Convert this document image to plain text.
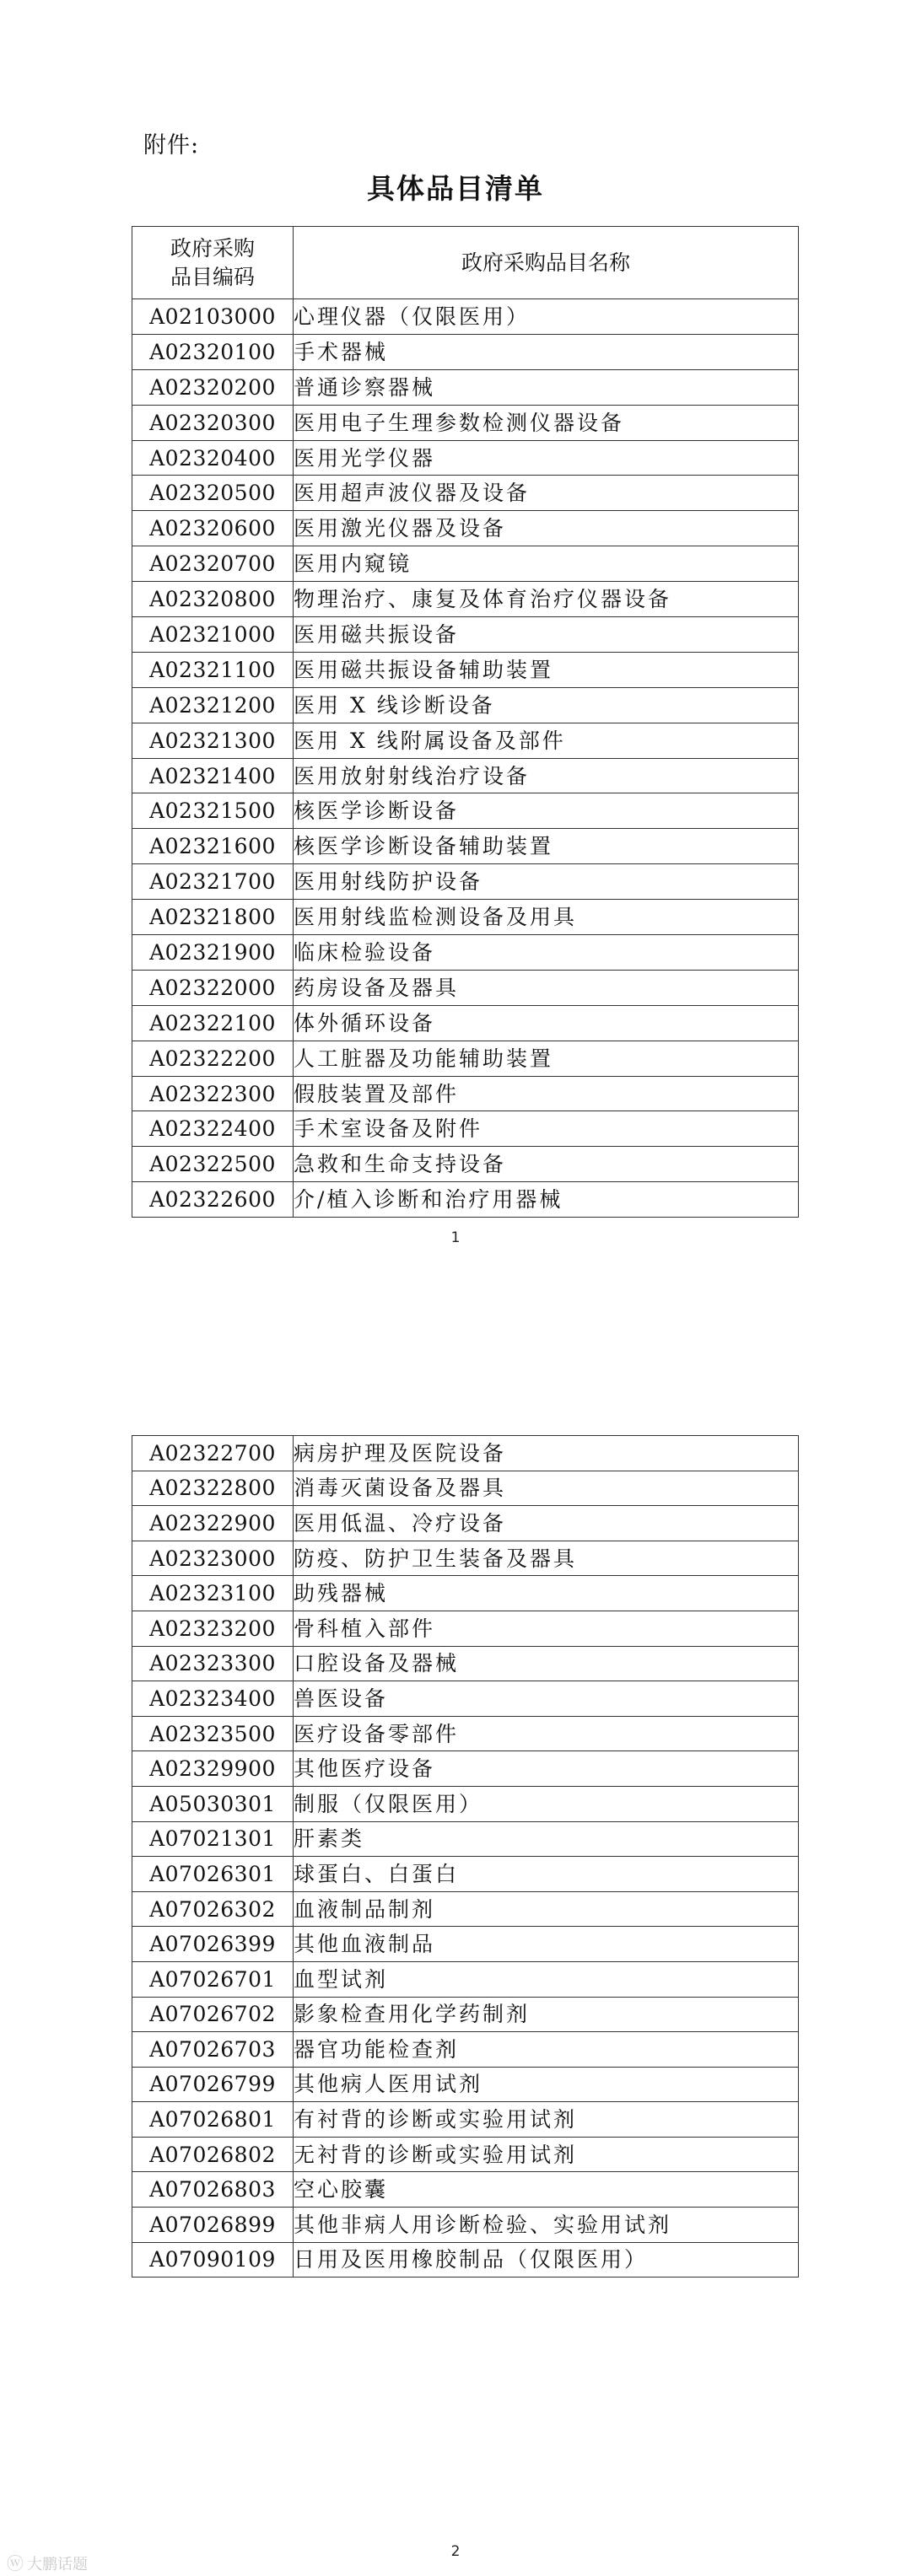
附件:
具体品目清单
政府采购
品目编码	政府采购品目名称
A02103000	心理仪器（仅限医用）
A02320100	手术器械
A02320200	普通诊察器械
A02320300	医用电子生理参数检测仪器设备
A02320400	医用光学仪器
A02320500	医用超声波仪器及设备
A02320600	医用激光仪器及设备
A02320700	医用内窥镜
A02320800	物理治疗、康复及体育治疗仪器设备
A02321000	医用磁共振设备
A02321100	医用磁共振设备辅助装置
A02321200	医用 X 线诊断设备
A02321300	医用 X 线附属设备及部件
A02321400	医用放射射线治疗设备
A02321500	核医学诊断设备
A02321600	核医学诊断设备辅助装置
A02321700	医用射线防护设备
A02321800	医用射线监检测设备及用具
A02321900	临床检验设备
A02322000	药房设备及器具
A02322100	体外循环设备
A02322200	人工脏器及功能辅助装置
A02322300	假肢装置及部件
A02322400	手术室设备及附件
A02322500	急救和生命支持设备
A02322600	介/植入诊断和治疗用器械
1
A02322700	病房护理及医院设备
A02322800	消毒灭菌设备及器具
A02322900	医用低温、冷疗设备
A02323000	防疫、防护卫生装备及器具
A02323100	助残器械
A02323200	骨科植入部件
A02323300	口腔设备及器械
A02323400	兽医设备
A02323500	医疗设备零部件
A02329900	其他医疗设备
A05030301	制服（仅限医用）
A07021301	肝素类
A07026301	球蛋白、白蛋白
A07026302	血液制品制剂
A07026399	其他血液制品
A07026701	血型试剂
A07026702	影象检查用化学药制剂
A07026703	器官功能检查剂
A07026799	其他病人医用试剂
A07026801	有衬背的诊断或实验用试剂
A07026802	无衬背的诊断或实验用试剂
A07026803	空心胶囊
A07026899	其他非病人用诊断检验、实验用试剂
A07090109	日用及医用橡胶制品（仅限医用）
2
ⓦ 大鹏话题
